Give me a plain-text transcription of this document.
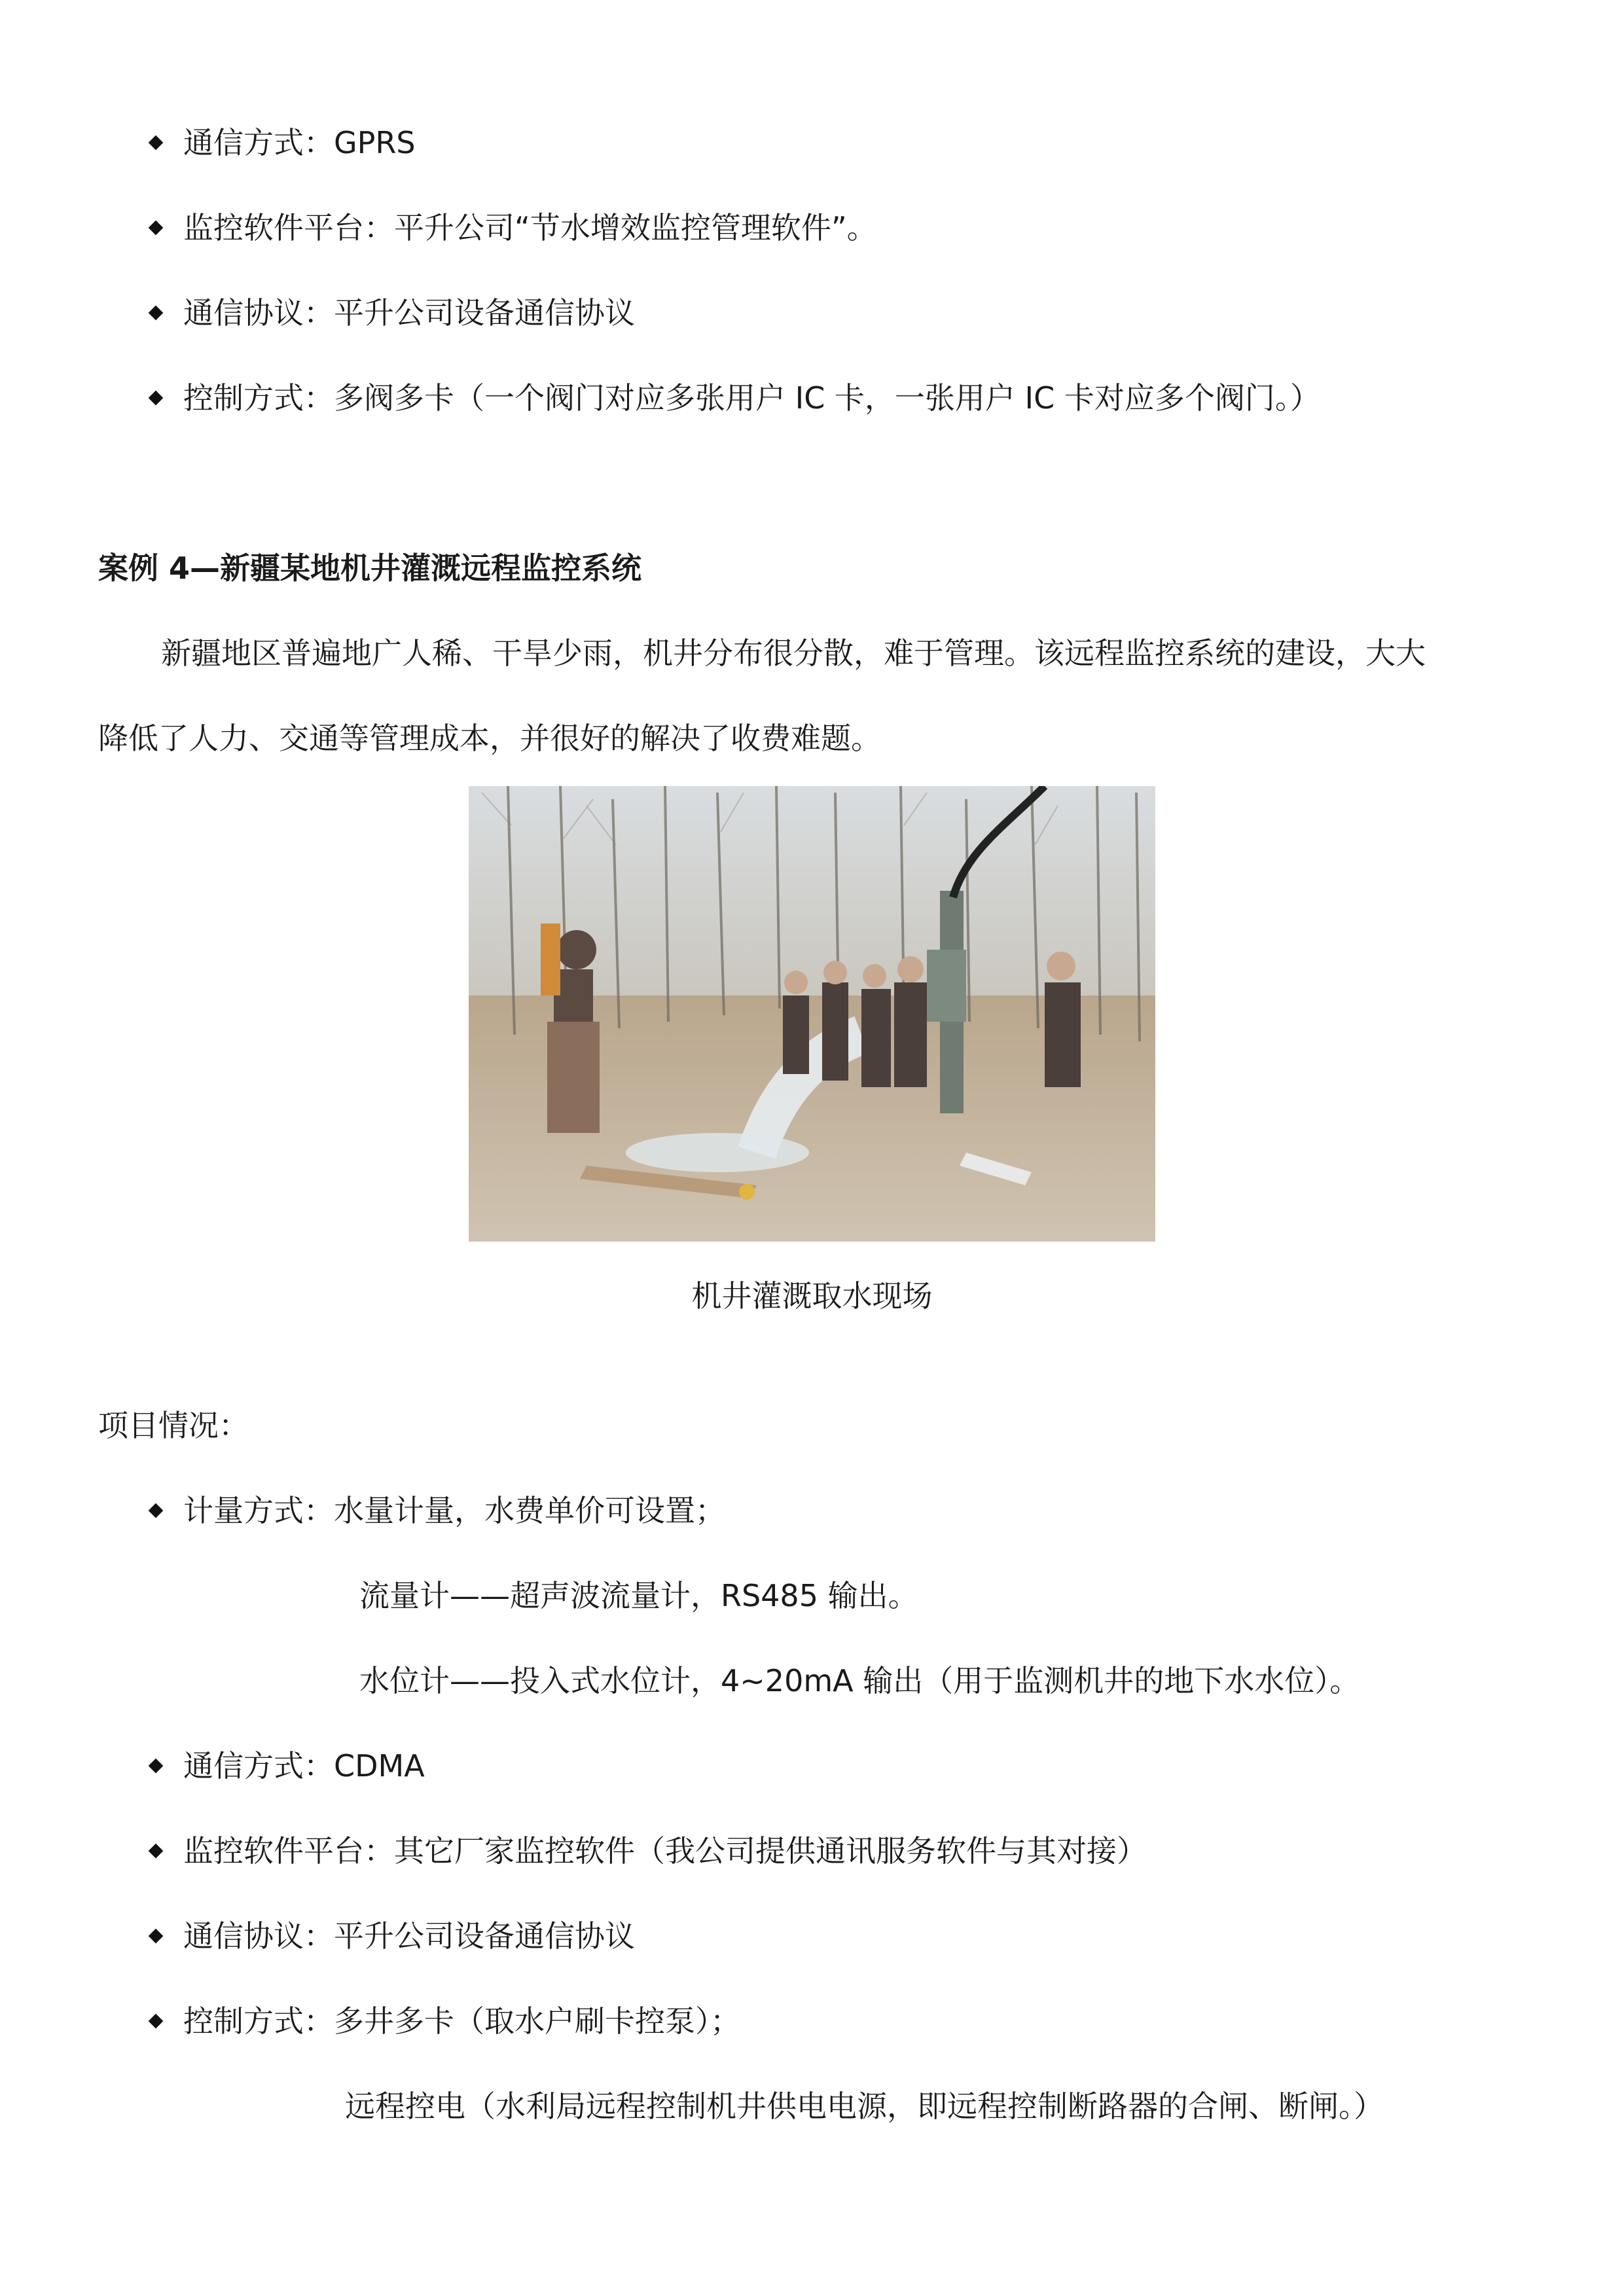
通信方式：GPRS
监控软件平台：平升公司“节水增效监控管理软件”。
通信协议：平升公司设备通信协议
控制方式：多阀多卡（一个阀门对应多张用户 IC 卡，一张用户 IC 卡对应多个阀门。）
案例 4—新疆某地机井灌溉远程监控系统
新疆地区普遍地广人稀、干旱少雨，机井分布很分散，难于管理。该远程监控系统的建设，大大
降低了人力、交通等管理成本，并很好的解决了收费难题。
机井灌溉取水现场
项目情况：
计量方式：水量计量，水费单价可设置；
流量计——超声波流量计，RS485 输出。
水位计——投入式水位计，4~20mA 输出（用于监测机井的地下水水位）。
通信方式：CDMA
监控软件平台：其它厂家监控软件（我公司提供通讯服务软件与其对接）
通信协议：平升公司设备通信协议
控制方式：多井多卡（取水户刷卡控泵）；
远程控电（水利局远程控制机井供电电源，即远程控制断路器的合闸、断闸。）
